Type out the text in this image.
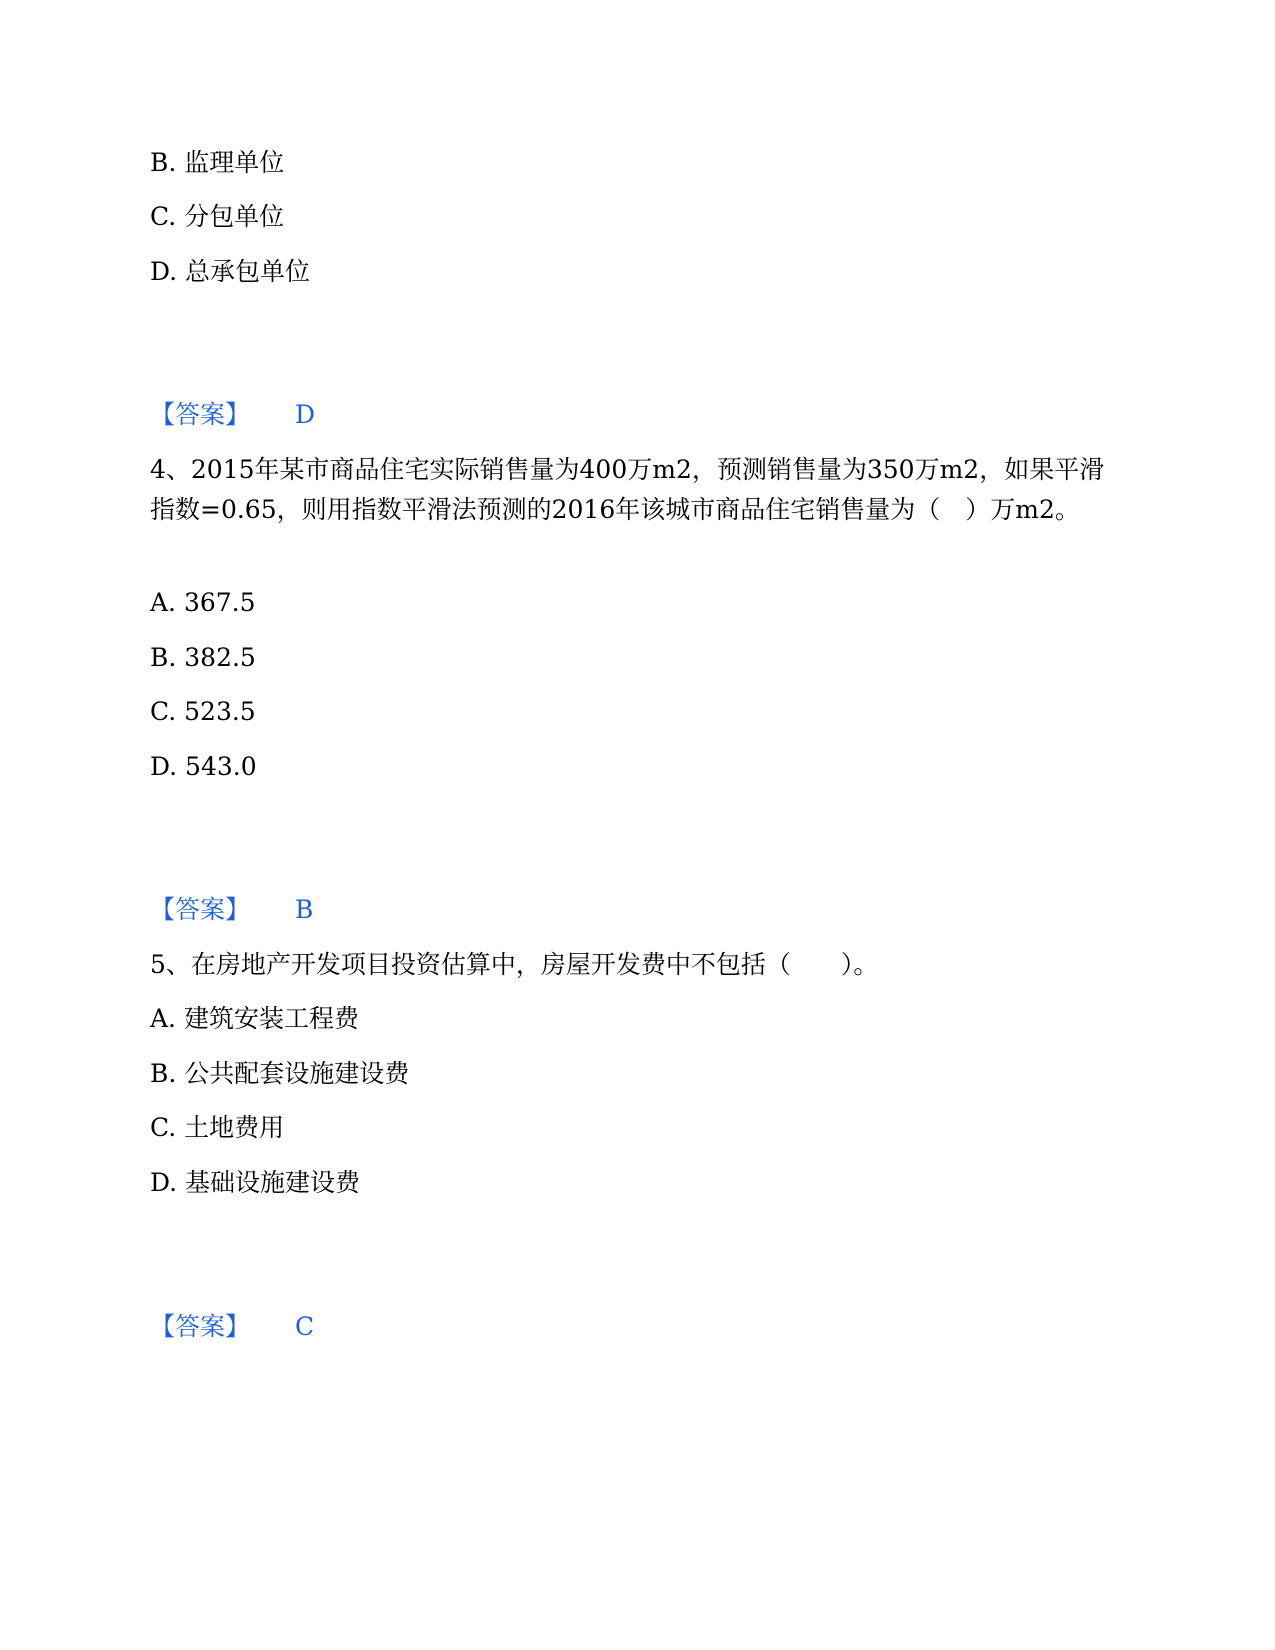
B. 监理单位
C. 分包单位
D. 总承包单位
【答案】 D
4、2015年某市商品住宅实际销售量为400万m2，预测销售量为350万m2，如果平滑指数=0.65，则用指数平滑法预测的2016年该城市商品住宅销售量为（　）万m2。
A. 367.5
B. 382.5
C. 523.5
D. 543.0
【答案】 B
5、在房地产开发项目投资估算中，房屋开发费中不包括（　　）。
A. 建筑安装工程费
B. 公共配套设施建设费
C. 土地费用
D. 基础设施建设费
【答案】 C
